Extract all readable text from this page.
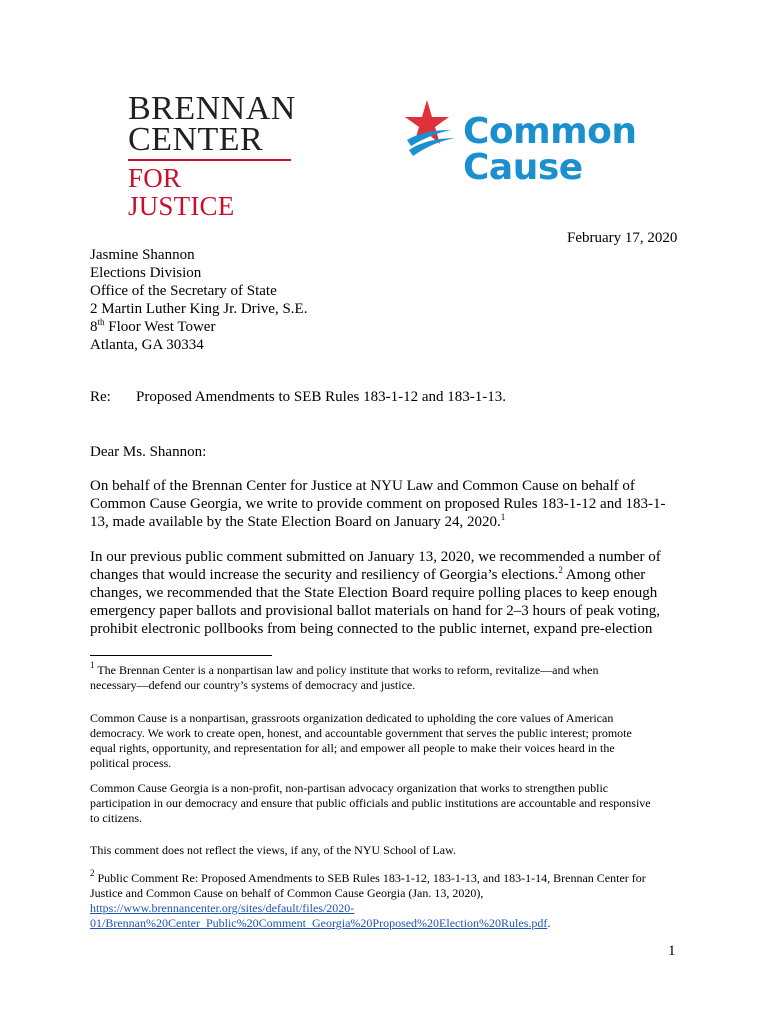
BRENNAN
CENTER
FOR JUSTICE
Common
Cause
February 17, 2020
Jasmine Shannon
Elections Division
Office of the Secretary of State
2 Martin Luther King Jr. Drive, S.E.
8th Floor West Tower
Atlanta, GA 30334
Re: Proposed Amendments to SEB Rules 183-1-12 and 183-1-13.
Dear Ms. Shannon:
On behalf of the Brennan Center for Justice at NYU Law and Common Cause on behalf of
Common Cause Georgia, we write to provide comment on proposed Rules 183-1-12 and 183-1-
13, made available by the State Election Board on January 24, 2020.$^1$
In our previous public comment submitted on January 13, 2020, we recommended a number of
changes that would increase the security and resiliency of Georgia’s elections.$^2$ Among other
changes, we recommended that the State Election Board require polling places to keep enough
emergency paper ballots and provisional ballot materials on hand for 2–3 hours of peak voting,
prohibit electronic pollbooks from being connected to the public internet, expand pre-election
$^1$ The Brennan Center is a nonpartisan law and policy institute that works to reform, revitalize—and when
necessary—defend our country’s systems of democracy and justice.
Common Cause is a nonpartisan, grassroots organization dedicated to upholding the core values of American
democracy. We work to create open, honest, and accountable government that serves the public interest; promote
equal rights, opportunity, and representation for all; and empower all people to make their voices heard in the
political process.
Common Cause Georgia is a non-profit, non-partisan advocacy organization that works to strengthen public
participation in our democracy and ensure that public officials and public institutions are accountable and responsive
to citizens.
This comment does not reflect the views, if any, of the NYU School of Law.
$^2$ Public Comment Re: Proposed Amendments to SEB Rules 183-1-12, 183-1-13, and 183-1-14, Brennan Center for
Justice and Common Cause on behalf of Common Cause Georgia (Jan. 13, 2020),
https://www.brennancenter.org/sites/default/files/2020-
01/Brennan%20Center_Public%20Comment_Georgia%20Proposed%20Election%20Rules.pdf.
1
